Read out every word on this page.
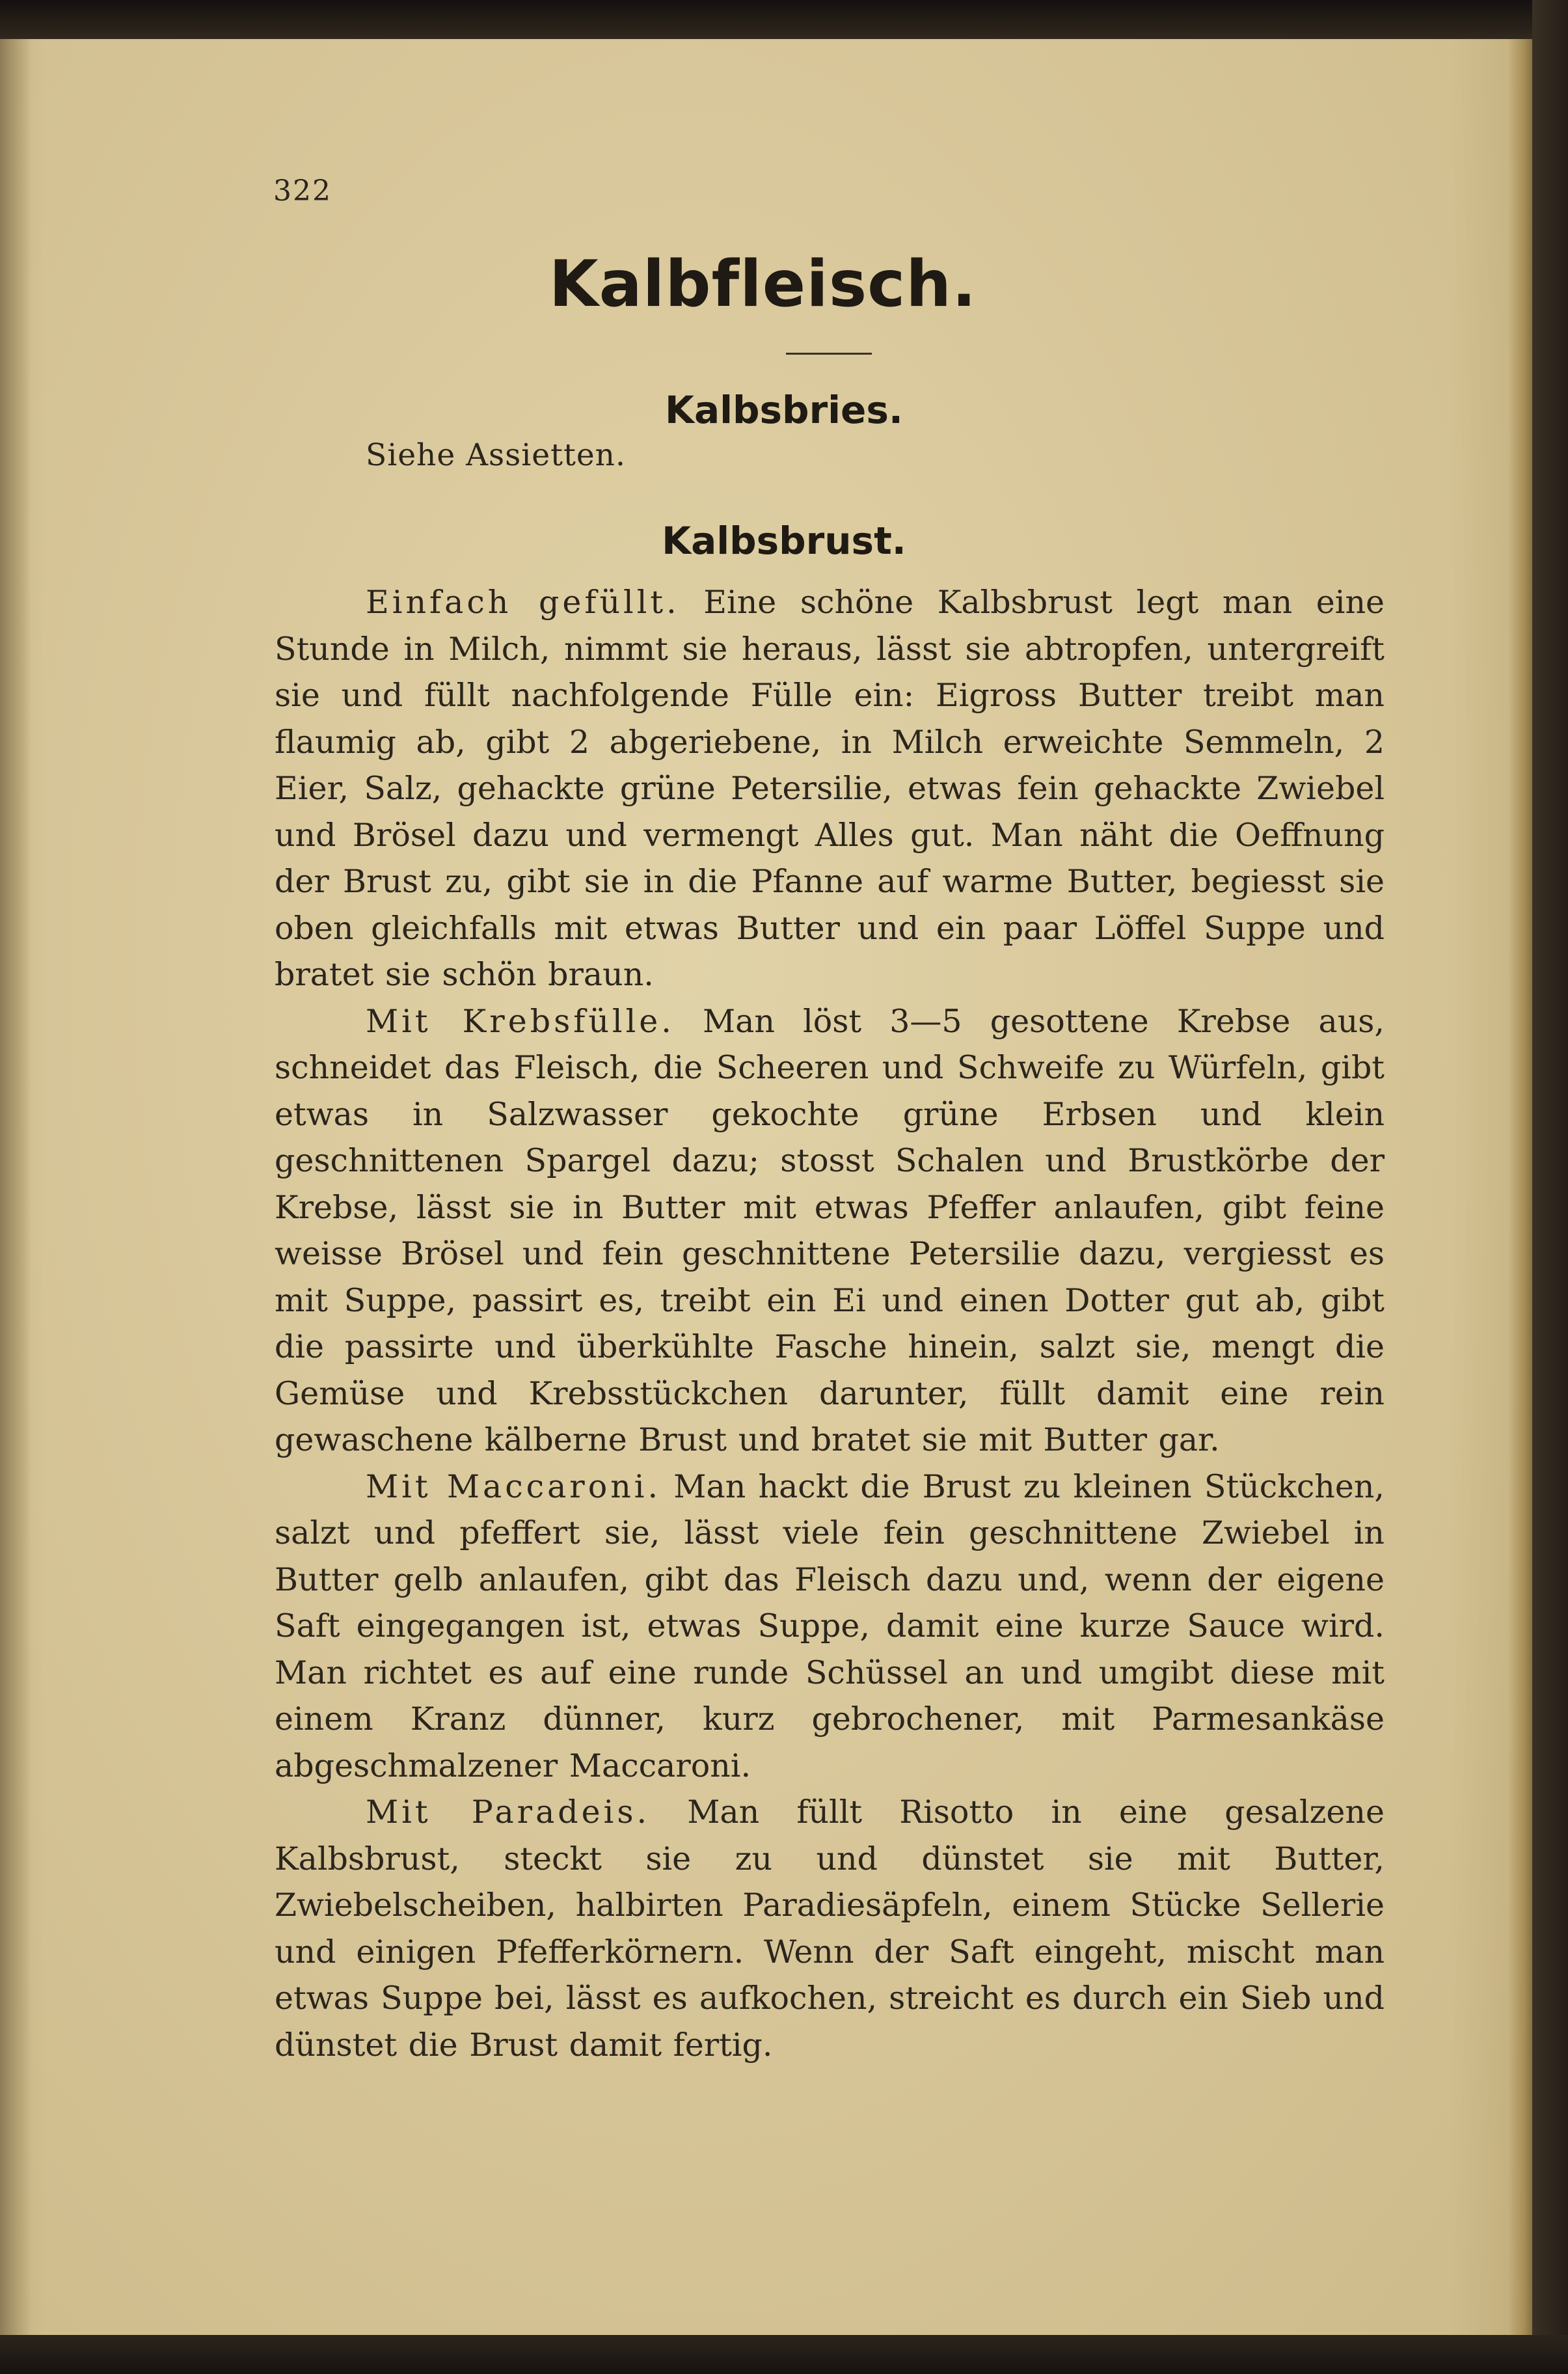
322
Kalbfleisch.
Kalbsbries.
Siehe Assietten.
Kalbsbrust.

Einfach gefüllt. Eine schöne Kalbsbrust legt man eine Stunde in Milch, nimmt sie heraus, lässt sie abtropfen, untergreift sie und füllt nachfolgende Fülle ein: Eigross Butter treibt man flaumig ab, gibt 2 abgeriebene, in Milch erweichte Semmeln, 2 Eier, Salz, gehackte grüne Petersilie, etwas fein gehackte Zwiebel und Brösel dazu und vermengt Alles gut. Man näht die Oeffnung der Brust zu, gibt sie in die Pfanne auf warme Butter, begiesst sie oben gleichfalls mit etwas Butter und ein paar Löffel Suppe und bratet sie schön braun.

Mit Krebsfülle. Man löst 3—5 gesottene Krebse aus, schneidet das Fleisch, die Scheeren und Schweife zu Würfeln, gibt etwas in Salzwasser gekochte grüne Erbsen und klein geschnittenen Spargel dazu; stosst Schalen und Brustkörbe der Krebse, lässt sie in Butter mit etwas Pfeffer anlaufen, gibt feine weisse Brösel und fein geschnittene Petersilie dazu, vergiesst es mit Suppe, passirt es, treibt ein Ei und einen Dotter gut ab, gibt die passirte und überkühlte Fasche hinein, salzt sie, mengt die Gemüse und Krebsstückchen darunter, füllt damit eine rein gewaschene kälberne Brust und bratet sie mit Butter gar.

Mit Maccaroni. Man hackt die Brust zu kleinen Stückchen, salzt und pfeffert sie, lässt viele fein geschnittene Zwiebel in Butter gelb anlaufen, gibt das Fleisch dazu und, wenn der eigene Saft eingegangen ist, etwas Suppe, damit eine kurze Sauce wird. Man richtet es auf eine runde Schüssel an und umgibt diese mit einem Kranz dünner, kurz gebrochener, mit Parmesankäse abgeschmalzener Maccaroni.

Mit Paradeis. Man füllt Risotto in eine gesalzene Kalbsbrust, steckt sie zu und dünstet sie mit Butter, Zwiebelscheiben, halbirten Paradiesäpfeln, einem Stücke Sellerie und einigen Pfefferkörnern. Wenn der Saft eingeht, mischt man etwas Suppe bei, lässt es aufkochen, streicht es durch ein Sieb und dünstet die Brust damit fertig.
